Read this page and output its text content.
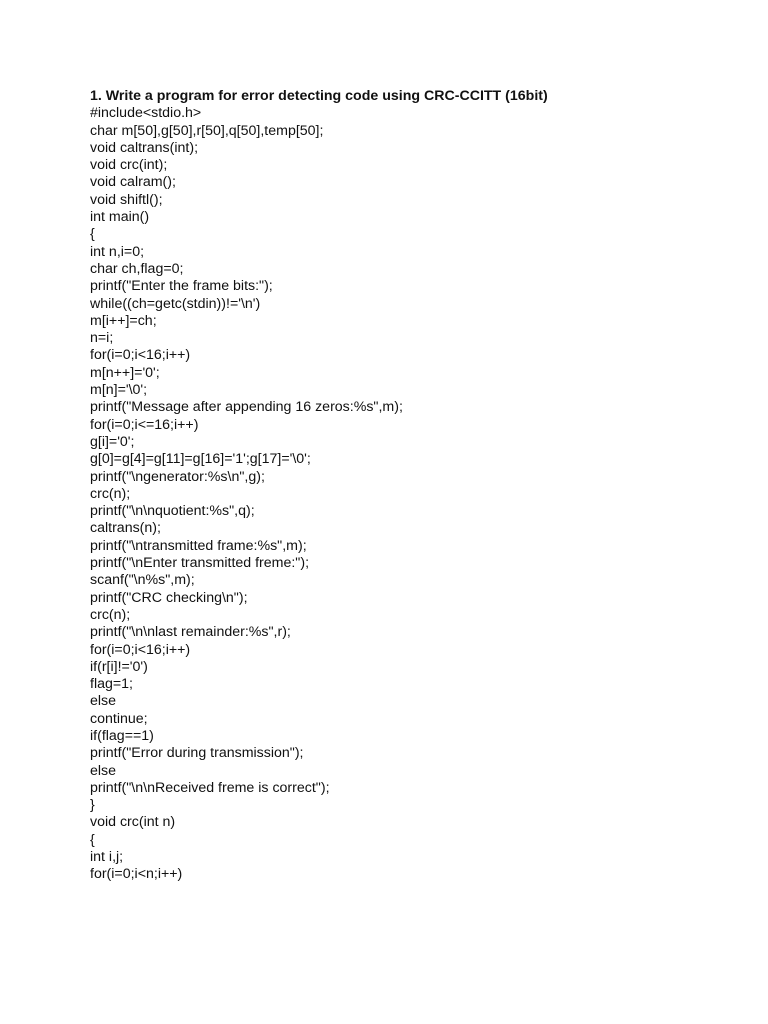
1. Write a program for error detecting code using CRC-CCITT (16bit)

#include<stdio.h>
char m[50],g[50],r[50],q[50],temp[50];
void caltrans(int);
void crc(int);
void calram();
void shiftl();
int main()
{
int n,i=0;
char ch,flag=0;
printf("Enter the frame bits:");
while((ch=getc(stdin))!='\n')
m[i++]=ch;
n=i;
for(i=0;i<16;i++)
m[n++]='0';
m[n]='\0';
printf("Message after appending 16 zeros:%s",m);
for(i=0;i<=16;i++)
g[i]='0';
g[0]=g[4]=g[11]=g[16]='1';g[17]='\0';
printf("\ngenerator:%s\n",g);
crc(n);
printf("\n\nquotient:%s",q);
caltrans(n);
printf("\ntransmitted frame:%s",m);
printf("\nEnter transmitted freme:");
scanf("\n%s",m);
printf("CRC checking\n");
crc(n);
printf("\n\nlast remainder:%s",r);
for(i=0;i<16;i++)
if(r[i]!='0')
flag=1;
else
continue;
if(flag==1)
printf("Error during transmission");
else
printf("\n\nReceived freme is correct");
}
void crc(int n)
{
int i,j;
for(i=0;i<n;i++)
